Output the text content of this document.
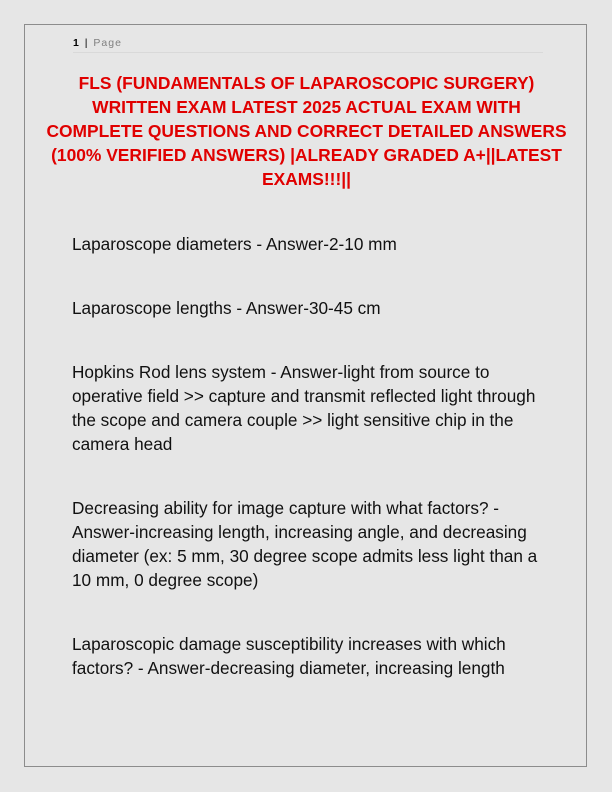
1 | Page

FLS (FUNDAMENTALS OF LAPAROSCOPIC SURGERY) WRITTEN EXAM LATEST 2025 ACTUAL EXAM WITH COMPLETE QUESTIONS AND CORRECT DETAILED ANSWERS (100% VERIFIED ANSWERS) |ALREADY GRADED A+||LATEST EXAMS!!!||

Laparoscope diameters - Answer-2-10 mm

Laparoscope lengths - Answer-30-45 cm

Hopkins Rod lens system - Answer-light from source to operative field >> capture and transmit reflected light through the scope and camera couple >> light sensitive chip in the camera head

Decreasing ability for image capture with what factors? - Answer-increasing length, increasing angle, and decreasing diameter (ex: 5 mm, 30 degree scope admits less light than a 10 mm, 0 degree scope)

Laparoscopic damage susceptibility increases with which factors? - Answer-decreasing diameter, increasing length
